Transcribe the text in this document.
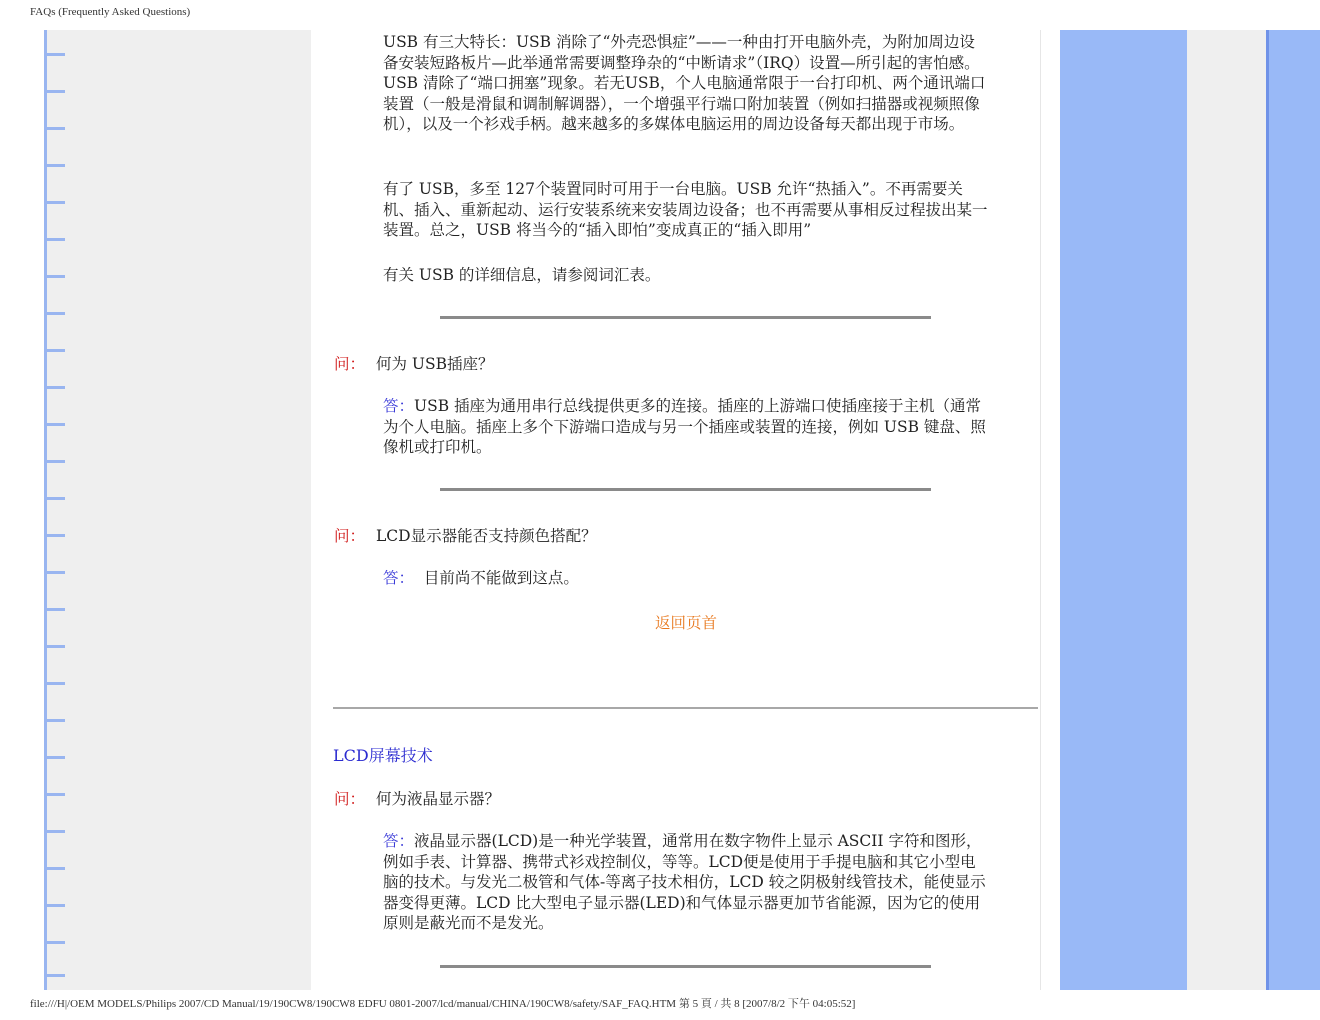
FAQs (Frequently Asked Questions)

USB 有三大特长：USB 消除了“外壳恐惧症”——一种由打开电脑外壳，为附加周边设备安装短路板片—此举通常需要调整琤杂的“中断请求”（IRQ）设置—所引起的害怕感。USB 清除了“端口拥塞”现象。若无USB，个人电脑通常限于一台打印机、两个通讯端口装置（一般是滑鼠和调制解调器），一个增强平行端口附加装置（例如扫描器或视频照像机），以及一个衫戏手柄。越来越多的多媒体电脑运用的周边设备每天都出现于市场。

有了 USB，多至 127个装置同时可用于一台电脑。USB 允许“热插入”。不再需要关机、插入、重新起动、运行安装系统来安装周边设备；也不再需要从事相反过程拔出某一装置。总之，USB 将当今的“插入即怕”变成真正的“插入即用”

有关 USB 的详细信息，请参阅词汇表。

问： 何为 USB插座？

答：USB 插座为通用串行总线提供更多的连接。插座的上游端口使插座接于主机（通常为个人电脑。插座上多个下游端口造成与另一个插座或装置的连接，例如 USB 键盘、照像机或打印机。

问： LCD显示器能否支持颜色搭配？

答： 目前尚不能做到这点。

返回页首
LCD屏幕技术
问： 何为液晶显示器？

答：液晶显示器(LCD)是一种光学装置，通常用在数字物件上显示 ASCII 字符和图形，例如手表、计算器、携带式衫戏控制仪，等等。LCD便是使用于手提电脑和其它小型电脑的技术。与发光二极管和气体-等离子技术相仿，LCD 较之阴极射线管技术，能使显示器变得更薄。LCD 比大型电子显示器(LED)和气体显示器更加节省能源，因为它的使用原则是蔽光而不是发光。

file:///H|/OEM MODELS/Philips 2007/CD Manual/19/190CW8/190CW8 EDFU 0801-2007/lcd/manual/CHINA/190CW8/safety/SAF_FAQ.HTM 第 5 頁 / 共 8 [2007/8/2 下午 04:05:52]
